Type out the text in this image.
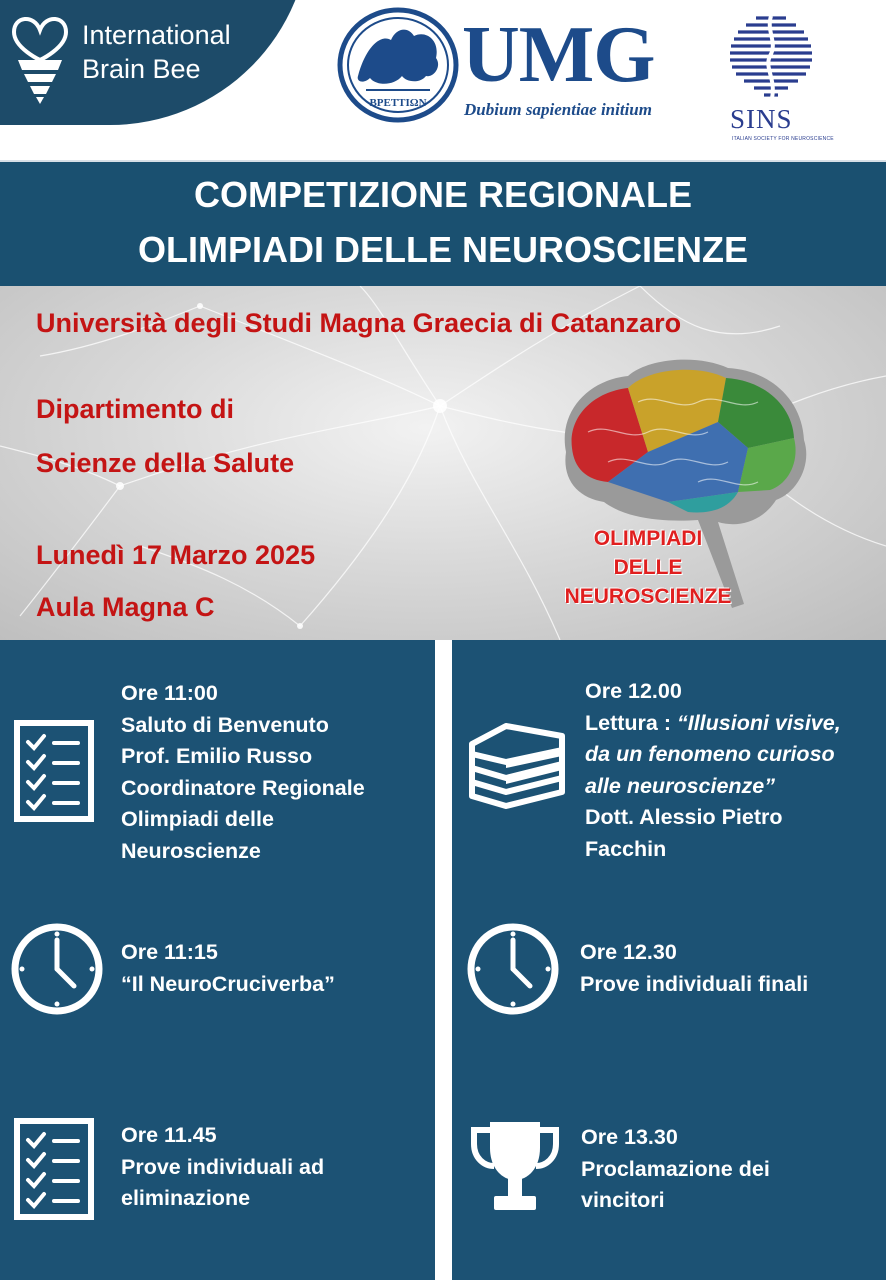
International
Brain Bee
BPETTIΩN
UMG
Dubium sapientiae initium	SINS
ITALIAN SOCIETY FOR NEUROSCIENCE
COMPETIZIONE REGIONALE
OLIMPIADI DELLE NEUROSCIENZE
Università degli Studi Magna Graecia di Catanzaro
Dipartimento di
Scienze della Salute
Lunedì 17 Marzo 2025
Aula Magna C
OLIMPIADI
DELLE
NEUROSCIENZE
Ore 11:00
Saluto di Benvenuto
Prof. Emilio Russo
Coordinatore Regionale
Olimpiadi delle
Neuroscienze
Ore 11:15
“Il NeuroCruciverba”
Ore 11.45
Prove individuali ad
eliminazione
Ore 12.00
Lettura : “Illusioni visive,
da un fenomeno curioso
alle neuroscienze”
Dott. Alessio Pietro
Facchin
Ore 12.30
Prove individuali finali
Ore 13.30
Proclamazione dei
vincitori
